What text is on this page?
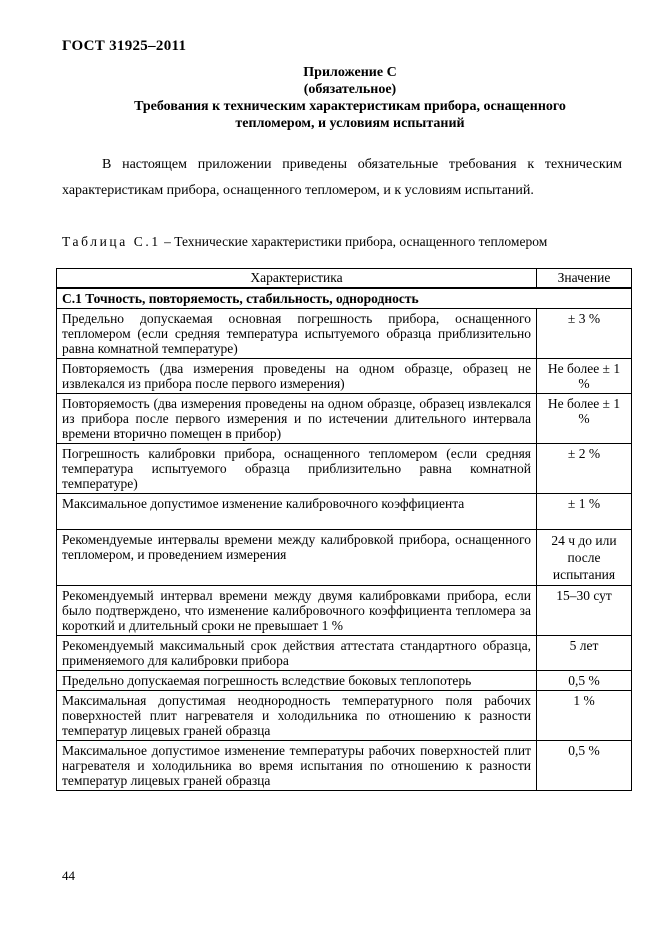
ГОСТ 31925–2011
Приложение С
(обязательное)
Требования к техническим характеристикам прибора, оснащенного
тепломером, и условиям испытаний

В настоящем приложении приведены обязательные требования к техническим характеристикам прибора, оснащенного тепломером, и к условиям испытаний.

Таблица С.1 – Технические характеристики прибора, оснащенного тепломером
Характеристика	Значение
С.1 Точность, повторяемость, стабильность, однородность	
Предельно допускаемая основная погрешность прибора, оснащенного тепломером (если средняя температура испытуемого образца приблизительно равна комнатной температуре)	± 3 %
Повторяемость (два измерения проведены на одном образце, образец не извлекался из прибора после первого измерения)	Не более ± 1 %
Повторяемость (два измерения проведены на одном образце, образец извлекался из прибора после первого измерения и по истечении длительного интервала времени вторично помещен в прибор)	Не более ± 1 %
Погрешность калибровки прибора, оснащенного тепломером (если средняя температура испытуемого образца приблизительно равна комнатной температуре)	± 2 %
Максимальное допустимое изменение калибровочного коэффициента	± 1 %
Рекомендуемые интервалы времени между калибровкой прибора, оснащенного тепломером, и проведением измерения	24 ч до или после испытания
Рекомендуемый интервал времени между двумя калибровками прибора, если было подтверждено, что изменение калибровочного коэффициента тепломера за короткий и длительный сроки не превышает 1 %	15–30 сут
Рекомендуемый максимальный срок действия аттестата стандартного образца, применяемого для калибровки прибора	5 лет
Предельно допускаемая погрешность вследствие боковых теплопотерь	0,5 %
Максимальная допустимая неоднородность температурного поля рабочих поверхностей плит нагревателя и холодильника по отношению к разности температур лицевых граней образца	1 %
Максимальное допустимое изменение температуры рабочих поверхностей плит нагревателя и холодильника во время испытания по отношению к разности температур лицевых граней образца	0,5 %
44
